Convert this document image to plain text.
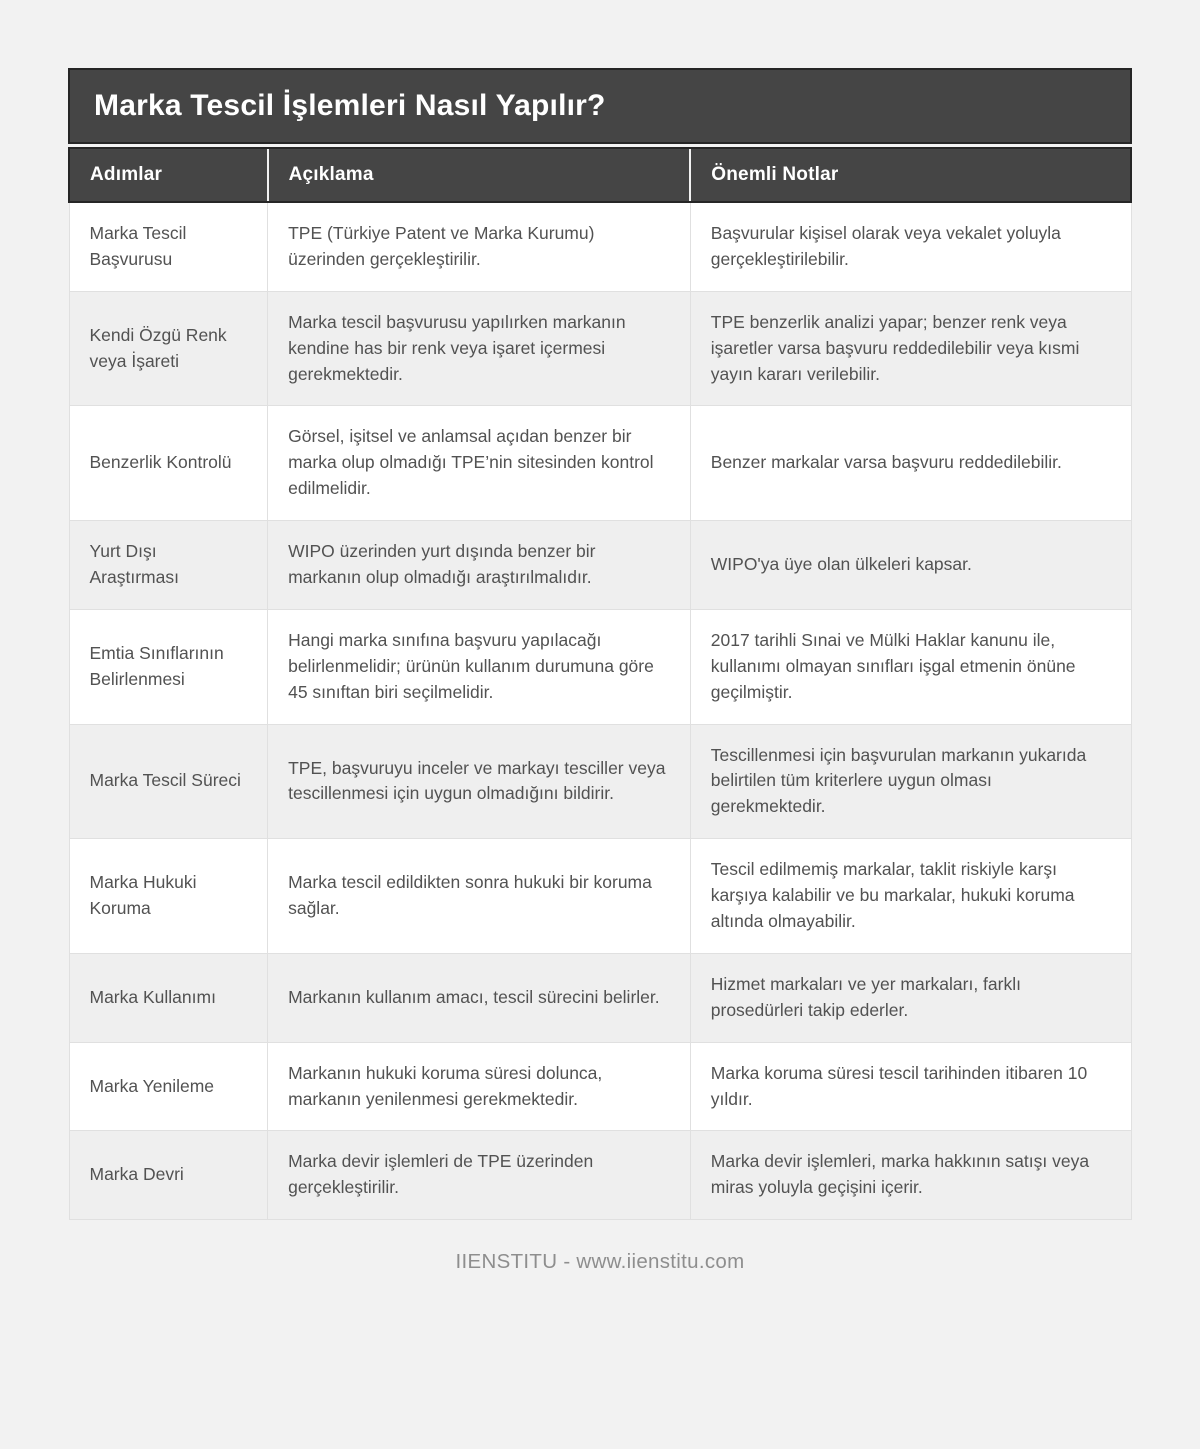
Marka Tescil İşlemleri Nasıl Yapılır?
Adımlar	Açıklama	Önemli Notlar
Marka Tescil Başvurusu	TPE (Türkiye Patent ve Marka Kurumu) üzerinden gerçekleştirilir.	Başvurular kişisel olarak veya vekalet yoluyla gerçekleştirilebilir.
Kendi Özgü Renk veya İşareti	Marka tescil başvurusu yapılırken markanın kendine has bir renk veya işaret içermesi gerekmektedir.	TPE benzerlik analizi yapar; benzer renk veya işaretler varsa başvuru reddedilebilir veya kısmi yayın kararı verilebilir.
Benzerlik Kontrolü	Görsel, işitsel ve anlamsal açıdan benzer bir marka olup olmadığı TPE’nin sitesinden kontrol edilmelidir.	Benzer markalar varsa başvuru reddedilebilir.
Yurt Dışı Araştırması	WIPO üzerinden yurt dışında benzer bir markanın olup olmadığı araştırılmalıdır.	WIPO'ya üye olan ülkeleri kapsar.
Emtia Sınıflarının Belirlenmesi	Hangi marka sınıfına başvuru yapılacağı belirlenmelidir; ürünün kullanım durumuna göre 45 sınıftan biri seçilmelidir.	2017 tarihli Sınai ve Mülki Haklar kanunu ile, kullanımı olmayan sınıfları işgal etmenin önüne geçilmiştir.
Marka Tescil Süreci	TPE, başvuruyu inceler ve markayı tesciller veya tescillenmesi için uygun olmadığını bildirir.	Tescillenmesi için başvurulan markanın yukarıda belirtilen tüm kriterlere uygun olması gerekmektedir.
Marka Hukuki Koruma	Marka tescil edildikten sonra hukuki bir koruma sağlar.	Tescil edilmemiş markalar, taklit riskiyle karşı karşıya kalabilir ve bu markalar, hukuki koruma altında olmayabilir.
Marka Kullanımı	Markanın kullanım amacı, tescil sürecini belirler.	Hizmet markaları ve yer markaları, farklı prosedürleri takip ederler.
Marka Yenileme	Markanın hukuki koruma süresi dolunca, markanın yenilenmesi gerekmektedir.	Marka koruma süresi tescil tarihinden itibaren 10 yıldır.
Marka Devri	Marka devir işlemleri de TPE üzerinden gerçekleştirilir.	Marka devir işlemleri, marka hakkının satışı veya miras yoluyla geçişini içerir.
IIENSTITU - www.iienstitu.com
